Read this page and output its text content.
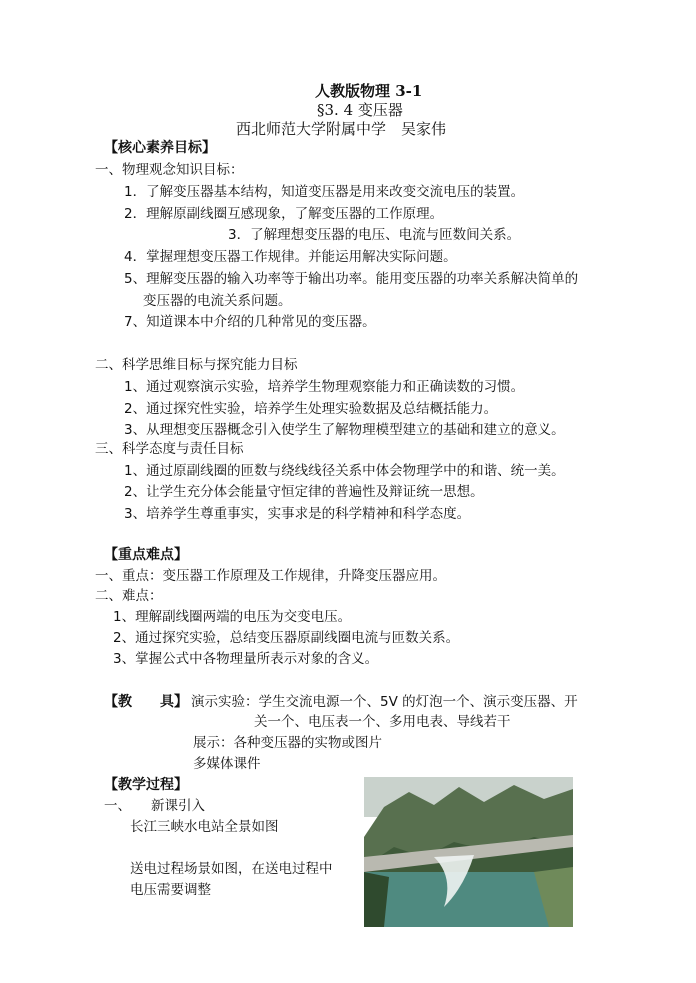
人教版物理 3-1
§3. 4 变压器
西北师范大学附属中学　吴家伟
【核心素养目标】
一、物理观念知识目标：
1．了解变压器基本结构，知道变压器是用来改变交流电压的装置。
2．理解原副线圈互感现象，了解变压器的工作原理。
3．了解理想变压器的电压、电流与匝数间关系。
4．掌握理想变压器工作规律。并能运用解决实际问题。
5、理解变压器的输入功率等于输出功率。能用变压器的功率关系解决简单的
变压器的电流关系问题。
7、知道课本中介绍的几种常见的变压器。
二、科学思维目标与探究能力目标
1、通过观察演示实验，培养学生物理观察能力和正确读数的习惯。
2、通过探究性实验，培养学生处理实验数据及总结概括能力。
3、从理想变压器概念引入使学生了解物理模型建立的基础和建立的意义。
三、科学态度与责任目标
1、通过原副线圈的匝数与绕线线径关系中体会物理学中的和谐、统一美。
2、让学生充分体会能量守恒定律的普遍性及辩证统一思想。
3、培养学生尊重事实，实事求是的科学精神和科学态度。
【重点难点】
一、重点：变压器工作原理及工作规律，升降变压器应用。
二、难点：
1、理解副线圈两端的电压为交变电压。
2、通过探究实验，总结变压器原副线圈电流与匝数关系。
3、掌握公式中各物理量所表示对象的含义。
【教　　具】 演示实验：学生交流电源一个、5V 的灯泡一个、演示变压器、开
关一个、电压表一个、多用电表、导线若干
展示：各种变压器的实物或图片
多媒体课件
【教学过程】
一、 新课引入
长江三峡水电站全景如图
送电过程场景如图，在送电过程中
电压需要调整
